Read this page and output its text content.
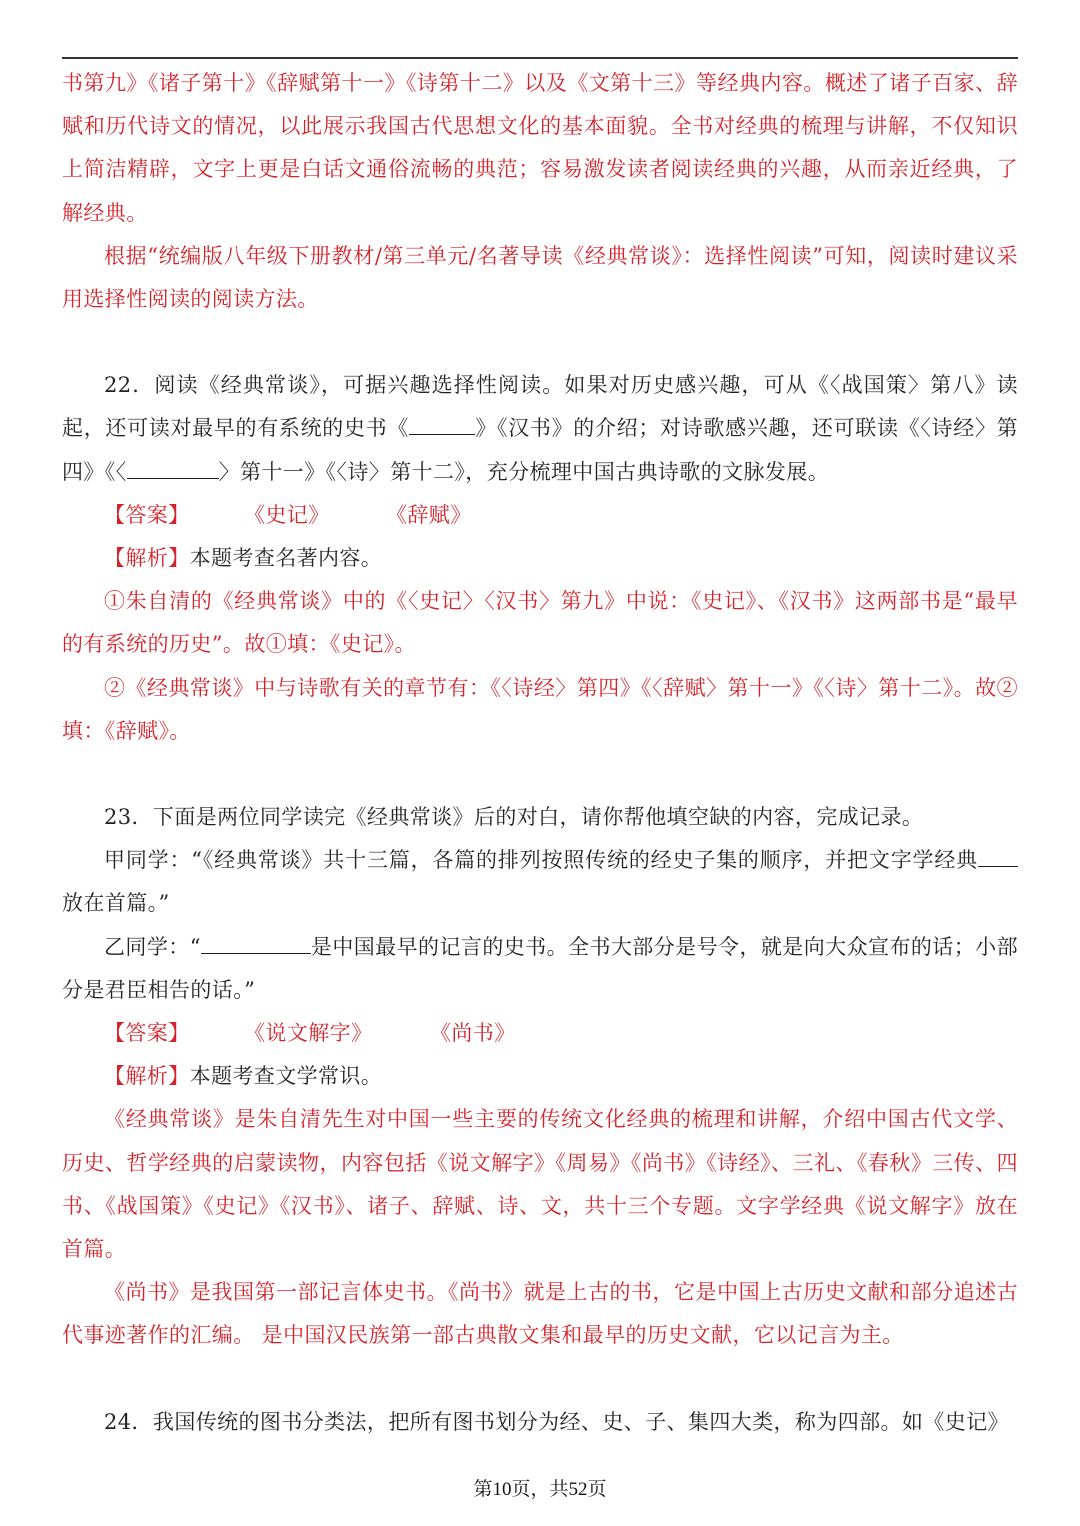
书第九》《诸子第十》《辞赋第十一》《诗第十二》以及《文第十三》等经典内容。概述了诸子百家、辞赋和历代诗文的情况，以此展示我国古代思想文化的基本面貌。全书对经典的梳理与讲解，不仅知识上简洁精辟，文字上更是白话文通俗流畅的典范；容易激发读者阅读经典的兴趣，从而亲近经典，了解经典。

根据“统编版八年级下册教材/第三单元/名著导读《经典常谈》：选择性阅读”可知，阅读时建议采用选择性阅读的阅读方法。

22．阅读《经典常谈》，可据兴趣选择性阅读。如果对历史感兴趣，可从《〈战国策〉第八》读起，还可读对最早的有系统的史书《	》《汉书》的介绍；对诗歌感兴趣，还可联读《〈诗经〉第四》《〈	〉第十一》《〈诗〉第十二》，充分梳理中国古典诗歌的文脉发展。

【答案】	《史记》	《辞赋》

【解析】本题考查名著内容。

①朱自清的《经典常谈》中的《〈史记〉〈汉书〉第九》中说：《史记》、《汉书》这两部书是“最早的有系统的历史”。故①填：《史记》。

②《经典常谈》中与诗歌有关的章节有：《〈诗经〉第四》《〈辞赋〉第十一》《〈诗〉第十二》。故②填：《辞赋》。

23．下面是两位同学读完《经典常谈》后的对白，请你帮他填空缺的内容，完成记录。

甲同学：“《经典常谈》共十三篇，各篇的排列按照传统的经史子集的顺序，并把文字学经典放在首篇。”

乙同学：“	是中国最早的记言的史书。全书大部分是号令，就是向大众宣布的话；小部分是君臣相告的话。”

【答案】	《说文解字》	《尚书》

【解析】本题考查文学常识。

《经典常谈》是朱自清先生对中国一些主要的传统文化经典的梳理和讲解，介绍中国古代文学、历史、哲学经典的启蒙读物，内容包括《说文解字》《周易》《尚书》《诗经》、三礼、《春秋》三传、四书、《战国策》《史记》《汉书》、诸子、辞赋、诗、文，共十三个专题。文字学经典《说文解字》放在首篇。

《尚书》是我国第一部记言体史书。《尚书》就是上古的书，它是中国上古历史文献和部分追述古代事迹著作的汇编。 是中国汉民族第一部古典散文集和最早的历史文献，它以记言为主。

24．我国传统的图书分类法，把所有图书划分为经、史、子、集四大类，称为四部。如《史记》

第10页，共52页
